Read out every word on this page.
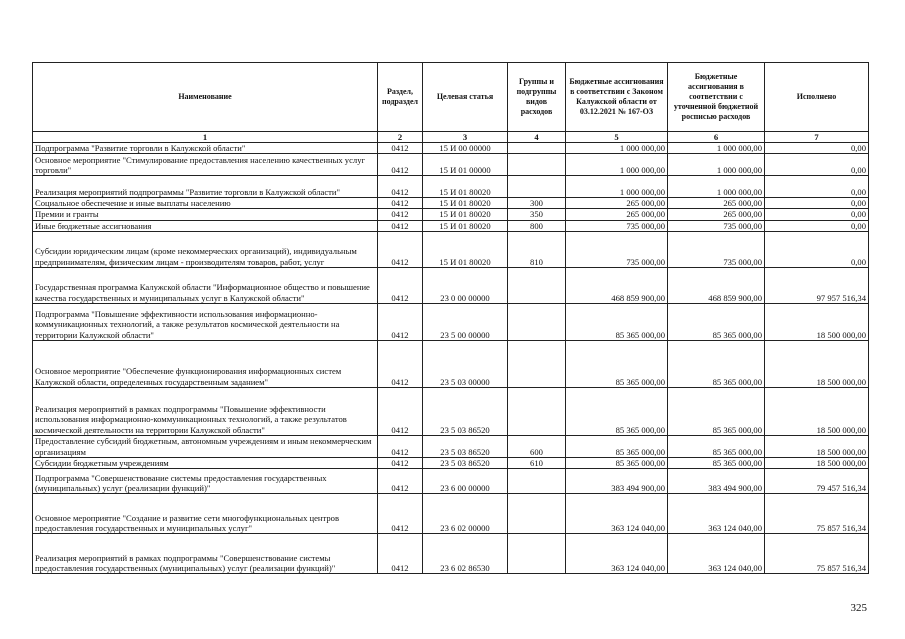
Наименование	Раздел, подраздел	Целевая статья	Группы и подгруппы видов расходов	Бюджетные ассигнования в соответствии с Законом Калужской области от 03.12.2021 № 167-ОЗ	Бюджетные ассигнования в соответствии с уточненной бюджетной росписью расходов	Исполнено
1	2	3	4	5	6	7
Подпрограмма "Развитие торговли в Калужской области"	0412	15 И 00 00000		1 000 000,00	1 000 000,00	0,00
Основное мероприятие "Стимулирование предоставления населению качественных услуг торговли"	0412	15 И 01 00000		1 000 000,00	1 000 000,00	0,00
Реализация мероприятий подпрограммы "Развитие торговли в Калужской области"	0412	15 И 01 80020		1 000 000,00	1 000 000,00	0,00
Социальное обеспечение и иные выплаты населению	0412	15 И 01 80020	300	265 000,00	265 000,00	0,00
Премии и гранты	0412	15 И 01 80020	350	265 000,00	265 000,00	0,00
Иные бюджетные ассигнования	0412	15 И 01 80020	800	735 000,00	735 000,00	0,00
Субсидии юридическим лицам (кроме некоммерческих организаций), индивидуальным предпринимателям, физическим лицам - производителям товаров, работ, услуг	0412	15 И 01 80020	810	735 000,00	735 000,00	0,00
Государственная программа Калужской области "Информационное общество и повышение качества государственных и муниципальных услуг в Калужской области"	0412	23 0 00 00000		468 859 900,00	468 859 900,00	97 957 516,34
Подпрограмма "Повышение эффективности использования информационно-коммуникационных технологий, а также результатов космической деятельности на территории Калужской области"	0412	23 5 00 00000		85 365 000,00	85 365 000,00	18 500 000,00
Основное мероприятие "Обеспечение функционирования информационных систем Калужской области, определенных государственным заданием"	0412	23 5 03 00000		85 365 000,00	85 365 000,00	18 500 000,00
Реализация мероприятий в рамках подпрограммы "Повышение эффективности использования информационно-коммуникационных технологий, а также результатов космической деятельности на территории Калужской области"	0412	23 5 03 86520		85 365 000,00	85 365 000,00	18 500 000,00
Предоставление субсидий бюджетным, автономным учреждениям и иным некоммерческим организациям	0412	23 5 03 86520	600	85 365 000,00	85 365 000,00	18 500 000,00
Субсидии бюджетным учреждениям	0412	23 5 03 86520	610	85 365 000,00	85 365 000,00	18 500 000,00
Подпрограмма "Совершенствование системы предоставления государственных (муниципальных) услуг (реализации функций)"	0412	23 6 00 00000		383 494 900,00	383 494 900,00	79 457 516,34
Основное мероприятие "Создание и развитие сети многофункциональных центров предоставления государственных и муниципальных услуг"	0412	23 6 02 00000		363 124 040,00	363 124 040,00	75 857 516,34
Реализация мероприятий в рамках подпрограммы "Совершенствование системы предоставления государственных (муниципальных) услуг (реализации функций)"	0412	23 6 02 86530		363 124 040,00	363 124 040,00	75 857 516,34
325
